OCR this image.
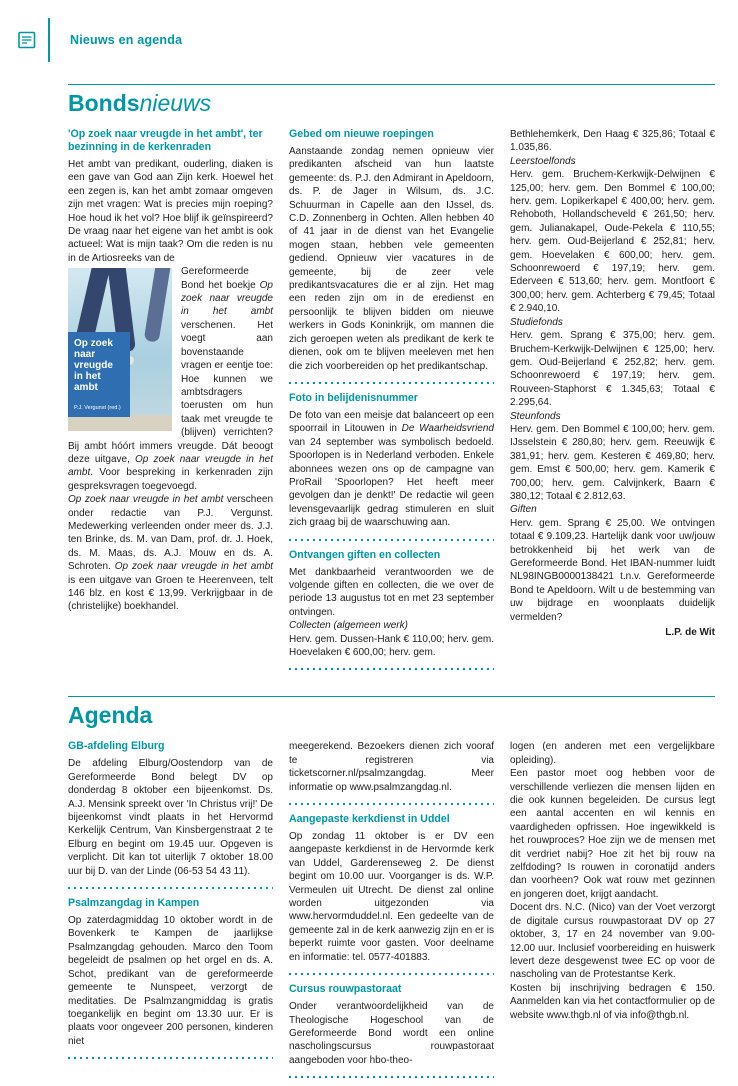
Nieuws en agenda
Bondsnieuws
'Op zoek naar vreugde in het ambt', ter bezinning in de kerkenraden

Het ambt van predikant, ouderling, diaken is een gave van God aan Zijn kerk. Hoewel het een zegen is, kan het ambt zomaar omgeven zijn met vragen: Wat is precies mijn roeping? Hoe houd ik het vol? Hoe blijf ik geïnspireerd? De vraag naar het eigene van het ambt is ook actueel: Wat is mijn taak? Om die reden is nu in de Artiosreeks van de

Op zoek
naar
vreugde
in het ambt
P.J. Vergunst (red.)

Gereformeerde Bond het boekje Op zoek naar vreugde in het ambt verschenen. Het voegt aan bovenstaande vragen er eentje toe: Hoe kunnen we ambtsdragers toerusten om hun taak met vreugde te (blijven) verrichten? Bij ambt hóórt immers vreugde. Dát beoogt deze uitgave, Op zoek naar vreugde in het ambt. Voor bespreking in kerkenraden zijn gespreksvragen toegevoegd.

Op zoek naar vreugde in het ambt verscheen onder redactie van P.J. Vergunst. Medewerking verleenden onder meer ds. J.J. ten Brinke, ds. M. van Dam, prof. dr. J. Hoek, ds. M. Maas, ds. A.J. Mouw en ds. A. Schroten. Op zoek naar vreugde in het ambt is een uitgave van Groen te Heerenveen, telt 146 blz. en kost € 13,99. Verkrijgbaar in de (christelijke) boekhandel.

Gebed om nieuwe roepingen

Aanstaande zondag nemen opnieuw vier predikanten afscheid van hun laatste gemeente: ds. P.J. den Admirant in Apeldoorn, ds. P. de Jager in Wilsum, ds. J.C. Schuurman in Capelle aan den IJssel, ds. C.D. Zonnenberg in Ochten. Allen hebben 40 of 41 jaar in de dienst van het Evangelie mogen staan, hebben vele gemeenten gediend. Opnieuw vier vacatures in de gemeente, bij de zeer vele predikantsvacatures die er al zijn. Het mag een reden zijn om in de eredienst en persoonlijk te blijven bidden om nieuwe werkers in Gods Koninkrijk, om mannen die zich geroepen weten als predikant de kerk te dienen, ook om te blijven meeleven met hen die zich voorbereiden op het predikantschap.

Foto in belijdenisnummer

De foto van een meisje dat balanceert op een spoorrail in Litouwen in De Waarheidsvriend van 24 september was symbolisch bedoeld. Spoorlopen is in Nederland verboden. Enkele abonnees wezen ons op de campagne van ProRail 'Spoorlopen? Het heeft meer gevolgen dan je denkt!' De redactie wil geen levensgevaarlijk gedrag stimuleren en sluit zich graag bij de waarschuwing aan.

Ontvangen giften en collecten

Met dankbaarheid verantwoorden we de volgende giften en collecten, die we over de periode 13 augustus tot en met 23 september ontvingen.

Collecten (algemeen werk)

Herv. gem. Dussen-Hank € 110,00; herv. gem. Hoevelaken € 600,00; herv. gem.

Bethlehemkerk, Den Haag € 325,86; Totaal € 1.035,86.

Leerstoelfonds

Herv. gem. Bruchem-Kerkwijk-Delwijnen € 125,00; herv. gem. Den Bommel € 100,00; herv. gem. Lopikerkapel € 400,00; herv. gem. Rehoboth, Hollandscheveld € 261,50; herv. gem. Julianakapel, Oude-Pekela € 110,55; herv. gem. Oud-Beijerland € 252,81; herv. gem. Hoevelaken € 600,00; herv. gem. Schoonrewoerd € 197,19; herv. gem. Ederveen € 513,60; herv. gem. Montfoort € 300,00; herv. gem. Achterberg € 79,45; Totaal € 2.940,10.

Studiefonds

Herv. gem. Sprang € 375,00; herv. gem. Bruchem-Kerkwijk-Delwijnen € 125,00; herv. gem. Oud-Beijerland € 252,82; herv. gem. Schoonrewoerd € 197,19; herv. gem. Rouveen-Staphorst € 1.345,63; Totaal € 2.295,64.

Steunfonds

Herv. gem. Den Bommel € 100,00; herv. gem. IJsselstein € 280,80; herv. gem. Reeuwijk € 381,91; herv. gem. Kesteren € 469,80; herv. gem. Emst € 500,00; herv. gem. Kamerik € 700,00; herv. gem. Calvijnkerk, Baarn € 380,12; Totaal € 2.812,63.

Giften

Herv. gem. Sprang € 25,00. We ontvingen totaal € 9.109,23. Hartelijk dank voor uw/jouw betrokkenheid bij het werk van de Gereformeerde Bond. Het IBAN-nummer luidt NL98INGB0000138421 t.n.v. Gereformeerde Bond te Apeldoorn. Wilt u de bestemming van uw bijdrage en woonplaats duidelijk vermelden?

L.P. de Wit
Agenda
GB-afdeling Elburg

De afdeling Elburg/Oostendorp van de Gereformeerde Bond belegt DV op donderdag 8 oktober een bijeenkomst. Ds. A.J. Mensink spreekt over 'In Christus vrij!' De bijeenkomst vindt plaats in het Hervormd Kerkelijk Centrum, Van Kinsbergenstraat 2 te Elburg en begint om 19.45 uur. Opgeven is verplicht. Dit kan tot uiterlijk 7 oktober 18.00 uur bij D. van der Linde (06-53 54 43 11).

Psalmzangdag in Kampen

Op zaterdagmiddag 10 oktober wordt in de Bovenkerk te Kampen de jaarlijkse Psalmzangdag gehouden. Marco den Toom begeleidt de psalmen op het orgel en ds. A. Schot, predikant van de gereformeerde gemeente te Nunspeet, verzorgt de meditaties. De Psalmzangmiddag is gratis toegankelijk en begint om 13.30 uur. Er is plaats voor ongeveer 200 personen, kinderen niet

meegerekend. Bezoekers dienen zich vooraf te registreren via ticketscorner.nl/psalmzangdag. Meer informatie op www.psalmzangdag.nl.

Aangepaste kerkdienst in Uddel

Op zondag 11 oktober is er DV een aangepaste kerkdienst in de Hervormde kerk van Uddel, Garderenseweg 2. De dienst begint om 10.00 uur. Voorganger is ds. W.P. Vermeulen uit Utrecht. De dienst zal online worden uitgezonden via www.hervormduddel.nl. Een gedeelte van de gemeente zal in de kerk aanwezig zijn en er is beperkt ruimte voor gasten. Voor deelname en informatie: tel. 0577-401883.

Cursus rouwpastoraat

Onder verantwoordelijkheid van de Theologische Hogeschool van de Gereformeerde Bond wordt een online nascholingscursus rouwpastoraat aangeboden voor hbo-theo-

logen (en anderen met een vergelijkbare opleiding).

Een pastor moet oog hebben voor de verschillende verliezen die mensen lijden en die ook kunnen begeleiden. De cursus legt een aantal accenten en wil kennis en vaardigheden opfrissen. Hoe ingewikkeld is het rouwproces? Hoe zijn we de mensen met dit verdriet nabij? Hoe zit het bij rouw na zelfdoding? Is rouwen in coronatijd anders dan voorheen? Ook wat rouw met gezinnen en jongeren doet, krijgt aandacht.

Docent drs. N.C. (Nico) van der Voet verzorgt de digitale cursus rouwpastoraat DV op 27 oktober, 3, 17 en 24 november van 9.00-12.00 uur. Inclusief voorbereiding en huiswerk levert deze desgewenst twee EC op voor de nascholing van de Protestantse Kerk.

Kosten bij inschrijving bedragen € 150. Aanmelden kan via het contactformulier op de website www.thgb.nl of via info@thgb.nl.
